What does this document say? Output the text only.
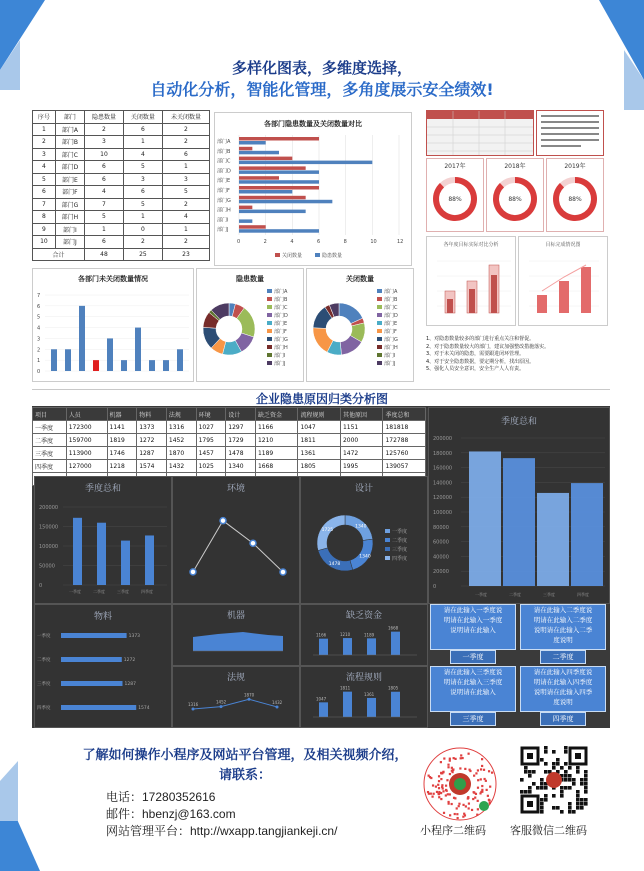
多样化图表，多维度选择，
自动化分析，智能化管理，多角度展示安全绩效!
序号	部门	隐患数量	关闭数量	未关闭数量
1	部门A	2	6	2
2	部门B	3	1	2
3	部门C	10	4	6
4	部门D	6	5	1
5	部门E	6	3	3
6	部门F	4	6	5
7	部门G	7	5	2
8	部门H	5	1	4
9	部门I	1	0	1
10	部门J	6	2	2
合计		48	25	23
各部门隐患数量及关闭数量对比
0	2	4	6	8	10	12
部门A
部门B
部门C
部门D
部门E
部门F
部门G
部门H
部门I
部门J
关闭数量	隐患数量
各部门未关闭数量情况
0
1
2
3
4
5
6
7
隐患数量
部门A
部门B
部门C
部门D
部门E
部门F
部门G
部门H
部门I
部门J
关闭数量
部门A
部门B
部门C
部门D
部门E
部门F
部门G
部门H
部门I
部门J
2017年
88%
2018年
88%
2019年
88%
各年度目标实际对比分析	目标完成情况图
1、对隐患数量较多的部门进行重点关注和督促。
2、对于隐患数量较大的部门，建议加强整改措施落实。
3、对于未关闭的隐患，需要跟进闭环管理。
4、对于安全隐患数据，要定期分析，找出原因。
5、强化人员安全意识，安全生产人人有责。
企业隐患原因归类分析图
项目	人员	机器	物料	法规	环境	设计	缺乏资金	流程规则	其他原因	季度总和
一季度	172300	1141	1373	1316	1027	1297	1166	1047	1151	181818
二季度	159700	1819	1272	1452	1795	1729	1210	1811	2000	172788
三季度	113900	1746	1287	1870	1457	1478	1189	1361	1472	125760
四季度	127000	1218	1574	1432	1025	1340	1668	1805	1995	139057

季度总和
0
50000
100000
150000
200000
一季度	二季度	三季度	四季度
环境	设计
1340
1340
1478
1725	一季度
二季度
三季度
四季度
季度总和
0
20000
40000
60000
80000
100000
120000
140000
160000
180000
200000
一季度	二季度	三季度	四季度
物料
一季度	1373
二季度	1272
三季度	1287
四季度	1574
机器	缺乏资金
1166	1210	1189
1668
法规
1316	1452
1870
1432
流程规则
1047
1811
1361
1805
请在此输入一季度说
明请在此输入一季度
说明请在此输入
一季度
请在此输入二季度说
明请在此输入二季度
说明请在此输入二季
度说明
二季度
请在此输入三季度说
明请在此输入三季度
说明请在此输入
三季度
请在此输入四季度说
明请在此输入四季度
说明请在此输入四季
度说明
四季度
了解如何操作小程序及网站平台管理，及相关视频介绍，
请联系：
电话：17280352616
邮件：hbenzj@163.com
网站管理平台：http://wxapp.tangjiankeji.cn/	小程序二维码 客服微信二维码
